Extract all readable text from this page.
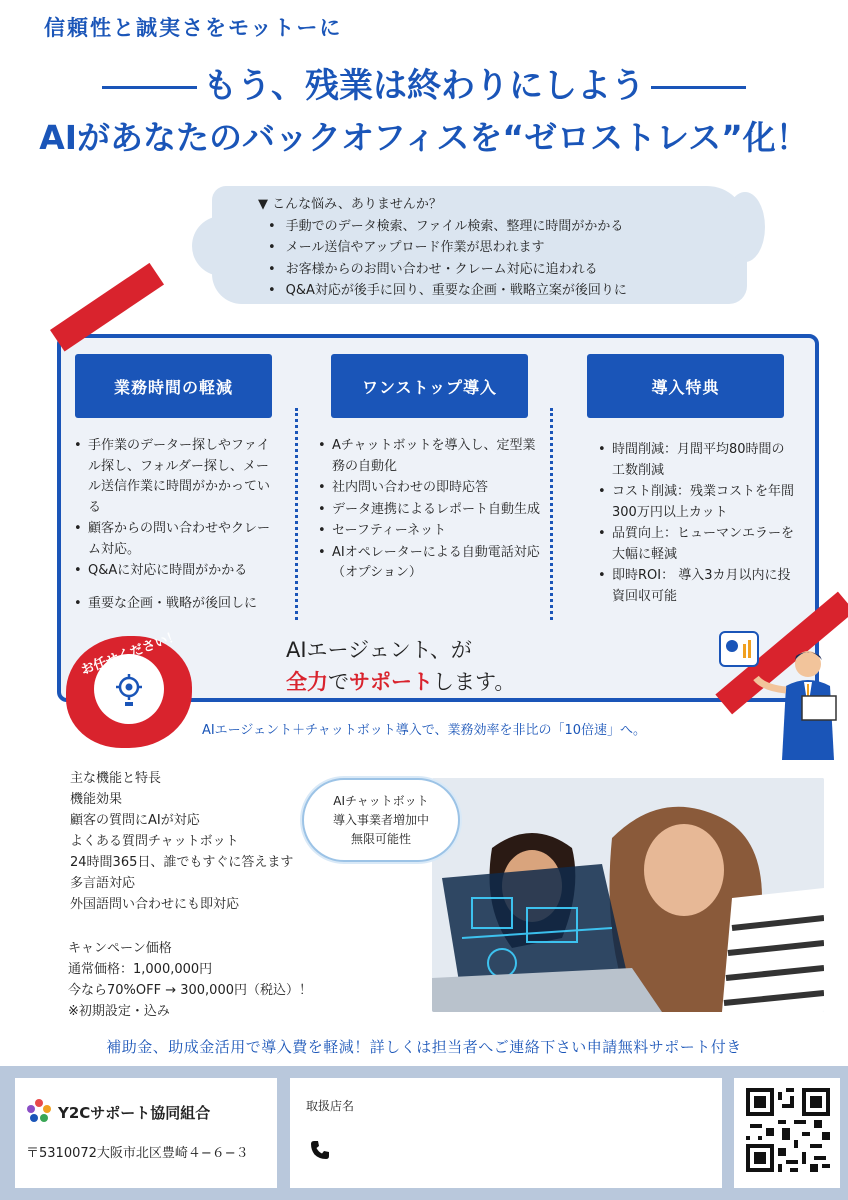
信頼性と誠実さをモットーに
もう、残業は終わりにしよう
AIがあなたのバックオフィスを“ゼロストレス”化！
▼ こんな悩み、ありませんか？
• 手動でのデータ検索、ファイル検索、整理に時間がかかる
• メール送信やアップロード作業が思われます
• お客様からのお問い合わせ・クレーム対応に追われる
• Q&A対応が後手に回り、重要な企画・戦略立案が後回りに
業務時間の軽減	ワンストップ導入	導入特典
• 手作業のデーター探しやファイル探し、フォルダー探し、メール送信作業に時間がかかっている
• 顧客からの問い合わせやクレーム対応。
• Q&Aに対応に時間がかかる
• 重要な企画・戦略が後回しに
• Aチャットボットを導入し、定型業務の自動化
• 社内問い合わせの即時応答
• データ連携によるレポート自動生成
• セーフティーネット
• AIオペレーターによる自動電話対応（オプション）
• 時間削減：月間平均80時間の工数削減
• コスト削減：残業コストを年間300万円以上カット
• 品質向上：ヒューマンエラーを大幅に軽減
• 即時ROI： 導入3カ月以内に投資回収可能
AIエージェント、が
全力でサポートします。
AIエージェント＋チャットボット導入で、業務効率を非比の「10倍速」へ。
主な機能と特長
機能効果
顧客の質問にAIが対応
よくある質問チャットボット
24時間365日、誰でもすぐに答えます
多言語対応
外国語問い合わせにも即対応
キャンペーン価格
通常価格：1,000,000円
今なら70%OFF → 300,000円（税込）！
※初期設定・込み
AIチャットボット
導入事業者増加中
無限可能性
補助金、助成金活用で導入費を軽減！詳しくは担当者へご連絡下さい申請無料サポート付き
Y2Cサポート協同組合
〒5310072大阪市北区豊崎４−６−３
取扱店名
